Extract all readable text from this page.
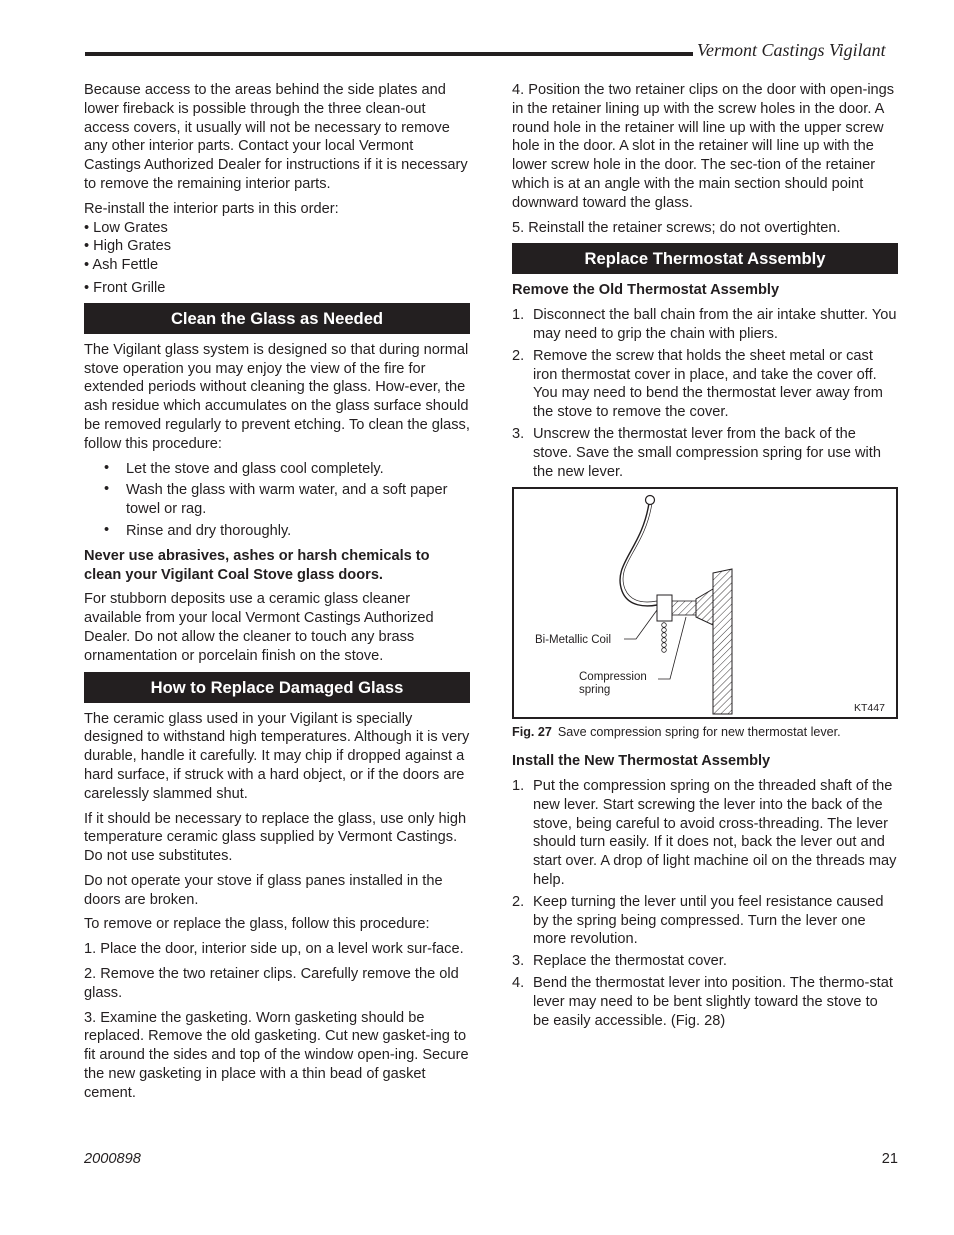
Vermont Castings Vigilant

Because access to the areas behind the side plates and lower fireback is possible through the three clean-out access covers, it usually will not be necessary to remove any other interior parts. Contact your local Vermont Castings Authorized Dealer for instructions if it is necessary to remove the remaining interior parts.

Re-install the interior parts in this order:

• Low Grates
• High Grates
• Ash Fettle
• Front Grille
Clean the Glass as Needed

The Vigilant glass system is designed so that during normal stove operation you may enjoy the view of the fire for extended periods without cleaning the glass. How-ever, the ash residue which accumulates on the glass surface should be removed regularly to prevent etching. To clean the glass, follow this procedure:

• Let the stove and glass cool completely.
• Wash the glass with warm water, and a soft paper towel or rag.
• Rinse and dry thoroughly.

Never use abrasives, ashes or harsh chemicals to clean your Vigilant Coal Stove glass doors.

For stubborn deposits use a ceramic glass cleaner available from your local Vermont Castings Authorized Dealer. Do not allow the cleaner to touch any brass ornamentation or porcelain finish on the stove.

How to Replace Damaged Glass

The ceramic glass used in your Vigilant is specially designed to withstand high temperatures. Although it is very durable, handle it carefully. It may chip if dropped against a hard surface, if struck with a hard object, or if the doors are carelessly slammed shut.

If it should be necessary to replace the glass, use only high temperature ceramic glass supplied by Vermont Castings. Do not use substitutes.

Do not operate your stove if glass panes installed in the doors are broken.

To remove or replace the glass, follow this procedure:

1. Place the door, interior side up, on a level work sur-face.

2. Remove the two retainer clips. Carefully remove the old glass.

3. Examine the gasketing. Worn gasketing should be replaced. Remove the old gasketing. Cut new gasket-ing to fit around the sides and top of the window open-ing. Secure the new gasketing in place with a thin bead of gasket cement.

4. Position the two retainer clips on the door with open-ings in the retainer lining up with the screw holes in the door. A round hole in the retainer will line up with the upper screw hole in the door. A slot in the retainer will line up with the lower screw hole in the door. The sec-tion of the retainer which is at an angle with the main section should point downward toward the glass.

5. Reinstall the retainer screws; do not overtighten.

Replace Thermostat Assembly

Remove the Old Thermostat Assembly

1. Disconnect the ball chain from the air intake shutter. You may need to grip the chain with pliers.
2. Remove the screw that holds the sheet metal or cast iron thermostat cover in place, and take the cover off. You may need to bend the thermostat lever away from the stove to remove the cover.
3. Unscrew the thermostat lever from the back of the stove. Save the small compression spring for use with the new lever.
Bi-Metallic Coil
Compression
spring
KT447
Fig. 27 Save compression spring for new thermostat lever.

Install the New Thermostat Assembly

1. Put the compression spring on the threaded shaft of the new lever. Start screwing the lever into the back of the stove, being careful to avoid cross-threading. The lever should turn easily. If it does not, back the lever out and start over. A drop of light machine oil on the threads may help.
2. Keep turning the lever until you feel resistance caused by the spring being compressed. Turn the lever one more revolution.
3. Replace the thermostat cover.
4. Bend the thermostat lever into position. The thermo-stat lever may need to be bent slightly toward the stove to be easily accessible. (Fig. 28)
2000898	21
